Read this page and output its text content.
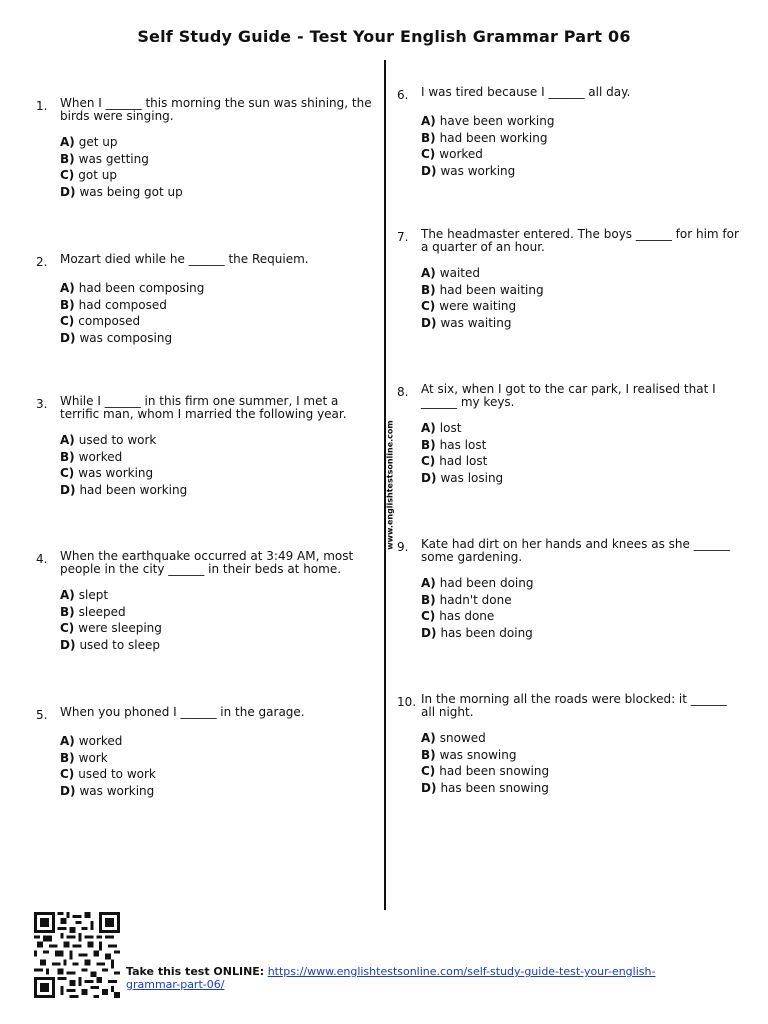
Self Study Guide - Test Your English Grammar Part 06
www.englishtestsonline.com
1.	When I ______ this morning the sun was shining, the birds were singing.
A) get up
B) was getting
C) got up
D) was being got up
2.	Mozart died while he ______ the Requiem.
A) had been composing
B) had composed
C) composed
D) was composing
3.	While I ______ in this firm one summer, I met a terrific man, whom I married the following year.
A) used to work
B) worked
C) was working
D) had been working
4.	When the earthquake occurred at 3:49 AM, most people in the city ______ in their beds at home.
A) slept
B) sleeped
C) were sleeping
D) used to sleep
5.	When you phoned I ______ in the garage.
A) worked
B) work
C) used to work
D) was working
6.	I was tired because I ______ all day.
A) have been working
B) had been working
C) worked
D) was working
7.	The headmaster entered. The boys ______ for him for a quarter of an hour.
A) waited
B) had been waiting
C) were waiting
D) was waiting
8.	At six, when I got to the car park, I realised that I ______ my keys.
A) lost
B) has lost
C) had lost
D) was losing
9.	Kate had dirt on her hands and knees as she ______ some gardening.
A) had been doing
B) hadn't done
C) has done
D) has been doing
10. In the morning all the roads were blocked: it ______ all night.
A) snowed
B) was snowing
C) had been snowing
D) has been snowing
Take this test ONLINE: https://www.englishtestsonline.com/self-study-guide-test-your-english-grammar-part-06/
